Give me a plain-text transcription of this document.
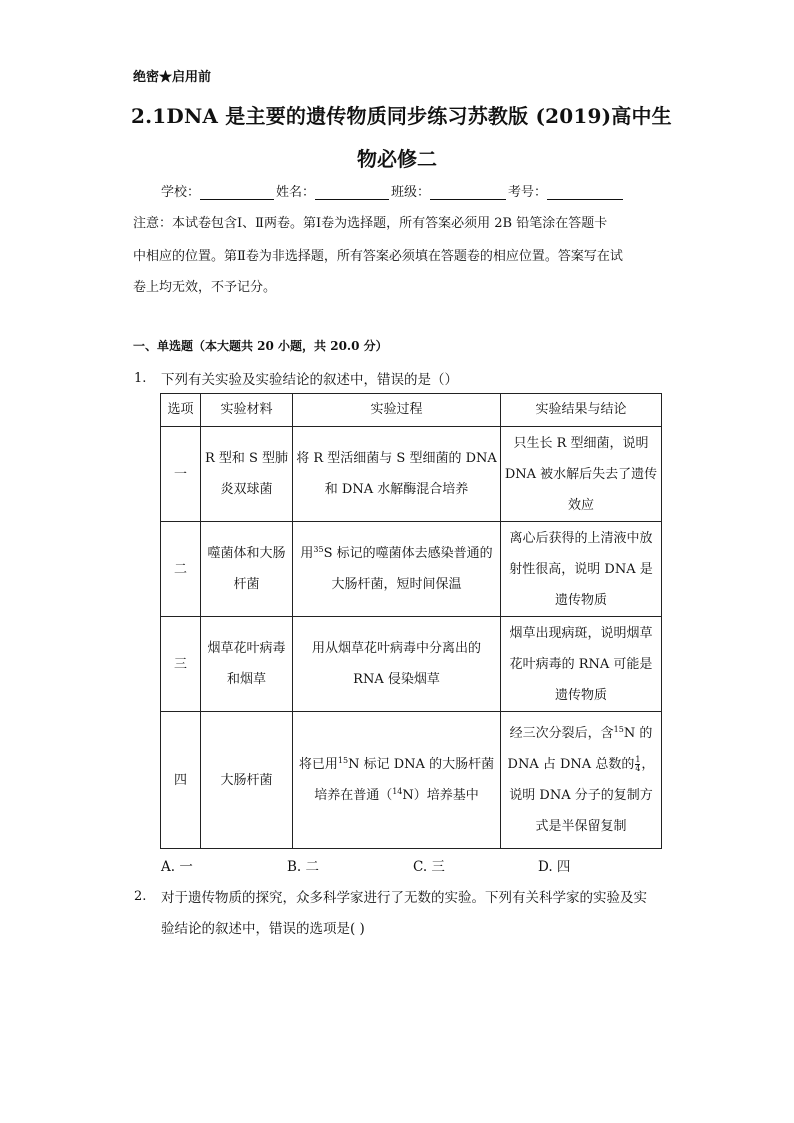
绝密★启用前
2.1DNA 是主要的遗传物质同步练习苏教版 (2019)高中生
物必修二
学校：	姓名：	班级：	考号：
注意：本试卷包含Ⅰ、Ⅱ两卷。第Ⅰ卷为选择题，所有答案必须用 2B 铅笔涂在答题卡
中相应的位置。第Ⅱ卷为非选择题，所有答案必须填在答题卷的相应位置。答案写在试
卷上均无效，不予记分。
一、单选题（本大题共 20 小题，共 20.0 分）
1. 下列有关实验及实验结论的叙述中，错误的是（）
选项	实验材料	实验过程	实验结果与结论
一	R 型和 S 型肺炎双球菌	将 R 型活细菌与 S 型细菌的 DNA 和 DNA 水解酶混合培养	只生长 R 型细菌，说明 DNA 被水解后失去了遗传效应
二	噬菌体和大肠杆菌	用$^{35}$S 标记的噬菌体去感染普通的大肠杆菌，短时间保温	离心后获得的上清液中放射性很高，说明 DNA 是遗传物质
三	烟草花叶病毒和烟草	用从烟草花叶病毒中分离出的 RNA 侵染烟草	烟草出现病斑，说明烟草花叶病毒的 RNA 可能是遗传物质
四	大肠杆菌	将已用$^{15}$N 标记 DNA 的大肠杆菌培养在普通（$^{14}$N）培养基中	经三次分裂后，含$^{15}$N 的 DNA 占 DNA 总数的 $\frac{1}{4}$ ，说明 DNA 分子的复制方式是半保留复制
A. 一	B. 二	C. 三	D. 四
2. 对于遗传物质的探究，众多科学家进行了无数的实验。下列有关科学家的实验及实
验结论的叙述中，错误的选项是( )
